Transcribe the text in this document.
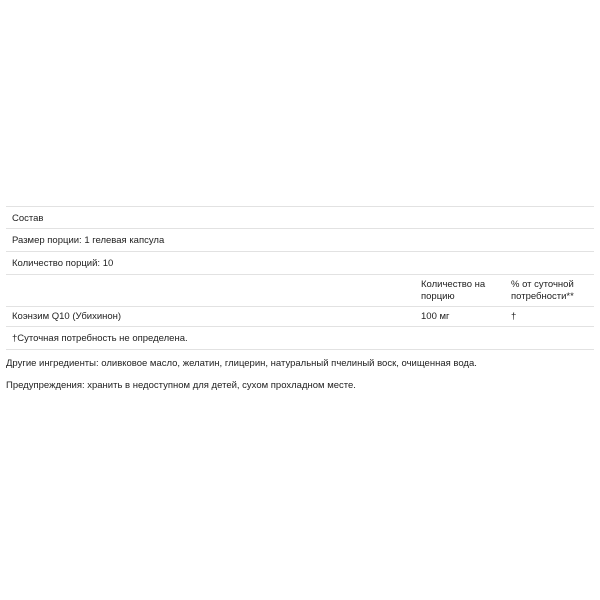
Состав
Размер порции: 1 гелевая капсула
Количество порций: 10
Количество на
порцию
% от суточной
потребности**
Коэнзим Q10 (Убихинон)	100 мг	†
†Суточная потребность не определена.
Другие ингредиенты: оливковое масло, желатин, глицерин, натуральный пчелиный воск, очищенная вода.
Предупреждения: хранить в недоступном для детей, сухом прохладном месте.
